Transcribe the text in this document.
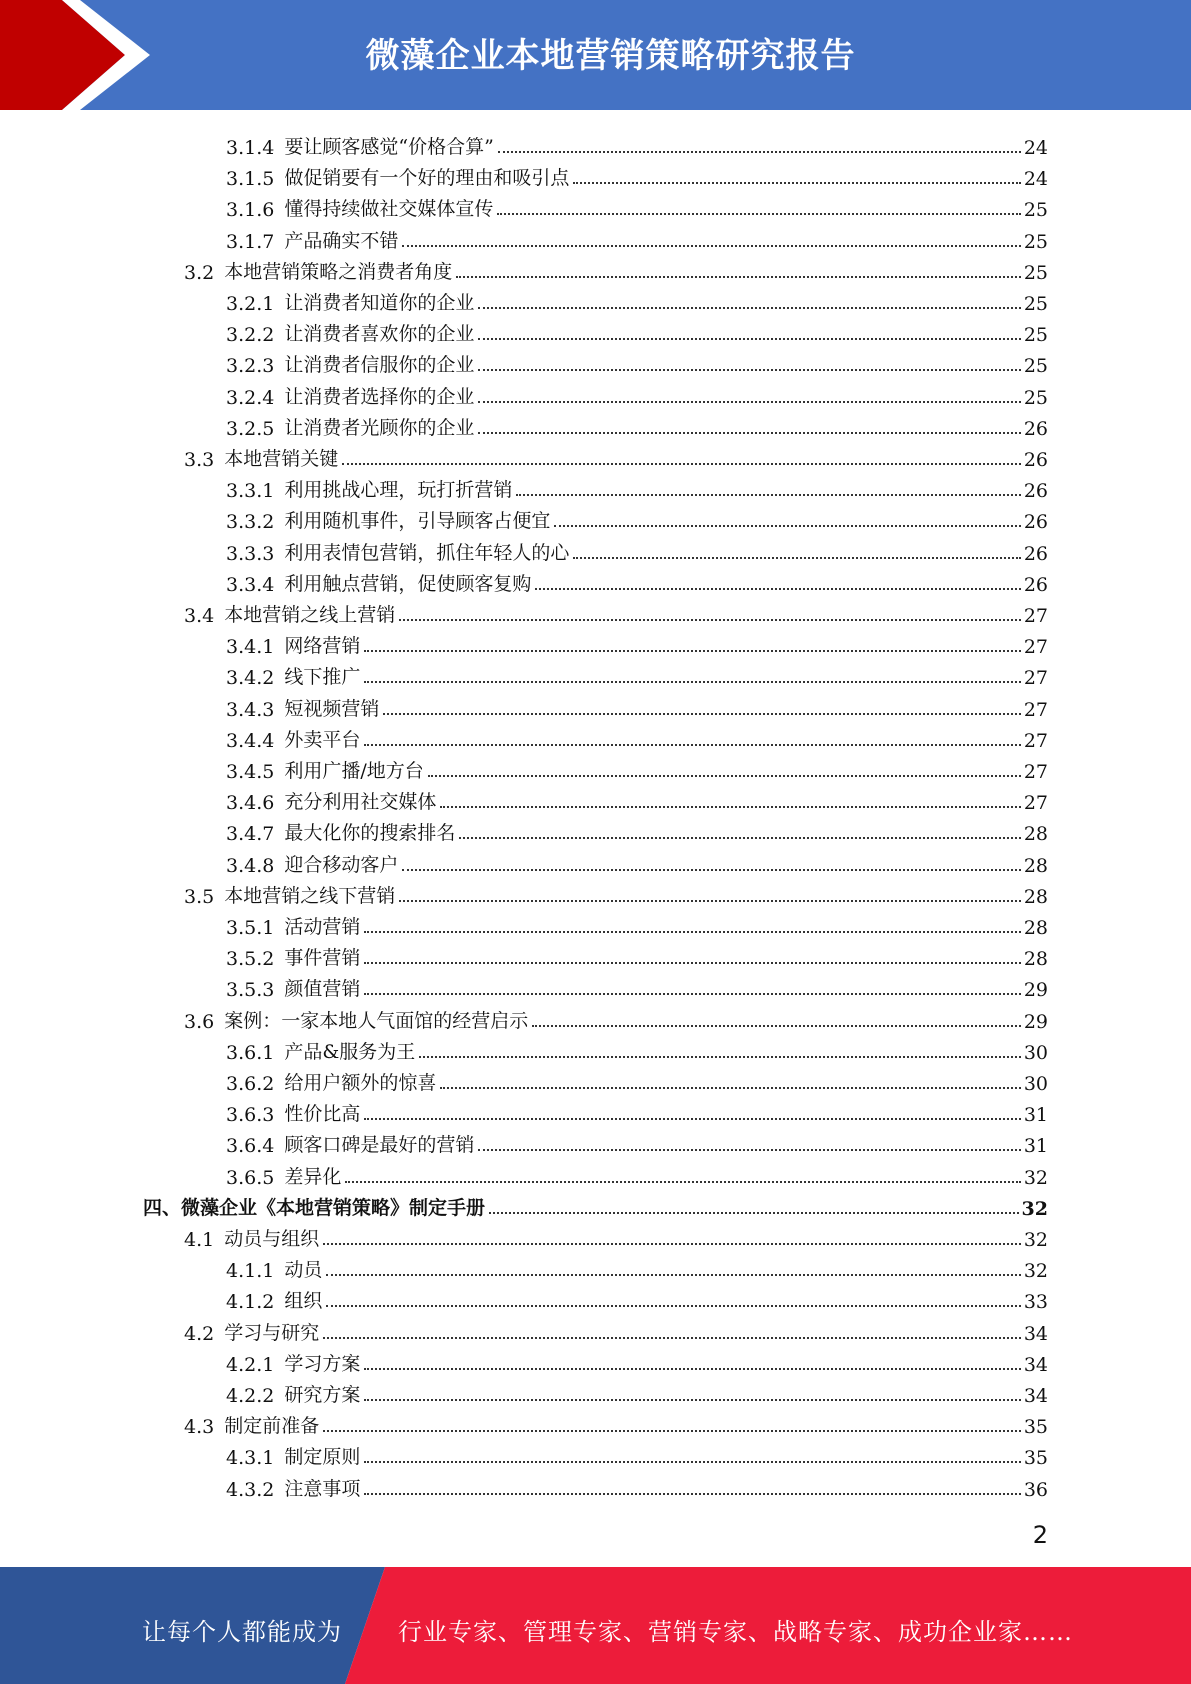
微藻企业本地营销策略研究报告
3.1.4 要让顾客感觉“价格合算”	24
3.1.5 做促销要有一个好的理由和吸引点	24
3.1.6 懂得持续做社交媒体宣传	25
3.1.7 产品确实不错	25
3.2 本地营销策略之消费者角度	25
3.2.1 让消费者知道你的企业	25
3.2.2 让消费者喜欢你的企业	25
3.2.3 让消费者信服你的企业	25
3.2.4 让消费者选择你的企业	25
3.2.5 让消费者光顾你的企业	26
3.3 本地营销关键	26
3.3.1 利用挑战心理，玩打折营销	26
3.3.2 利用随机事件，引导顾客占便宜	26
3.3.3 利用表情包营销，抓住年轻人的心	26
3.3.4 利用触点营销，促使顾客复购	26
3.4 本地营销之线上营销	27
3.4.1 网络营销	27
3.4.2 线下推广	27
3.4.3 短视频营销	27
3.4.4 外卖平台	27
3.4.5 利用广播/地方台	27
3.4.6 充分利用社交媒体	27
3.4.7 最大化你的搜索排名	28
3.4.8 迎合移动客户	28
3.5 本地营销之线下营销	28
3.5.1 活动营销	28
3.5.2 事件营销	28
3.5.3 颜值营销	29
3.6 案例：一家本地人气面馆的经营启示	29
3.6.1 产品&服务为王	30
3.6.2 给用户额外的惊喜	30
3.6.3 性价比高	31
3.6.4 顾客口碑是最好的营销	31
3.6.5 差异化	32
四、微藻企业《本地营销策略》制定手册	32
4.1 动员与组织	32
4.1.1 动员	32
4.1.2 组织	33
4.2 学习与研究	34
4.2.1 学习方案	34
4.2.2 研究方案	34
4.3 制定前准备	35
4.3.1 制定原则	35
4.3.2 注意事项	36
2
让每个人都能成为 行业专家、管理专家、营销专家、战略专家、成功企业家……
